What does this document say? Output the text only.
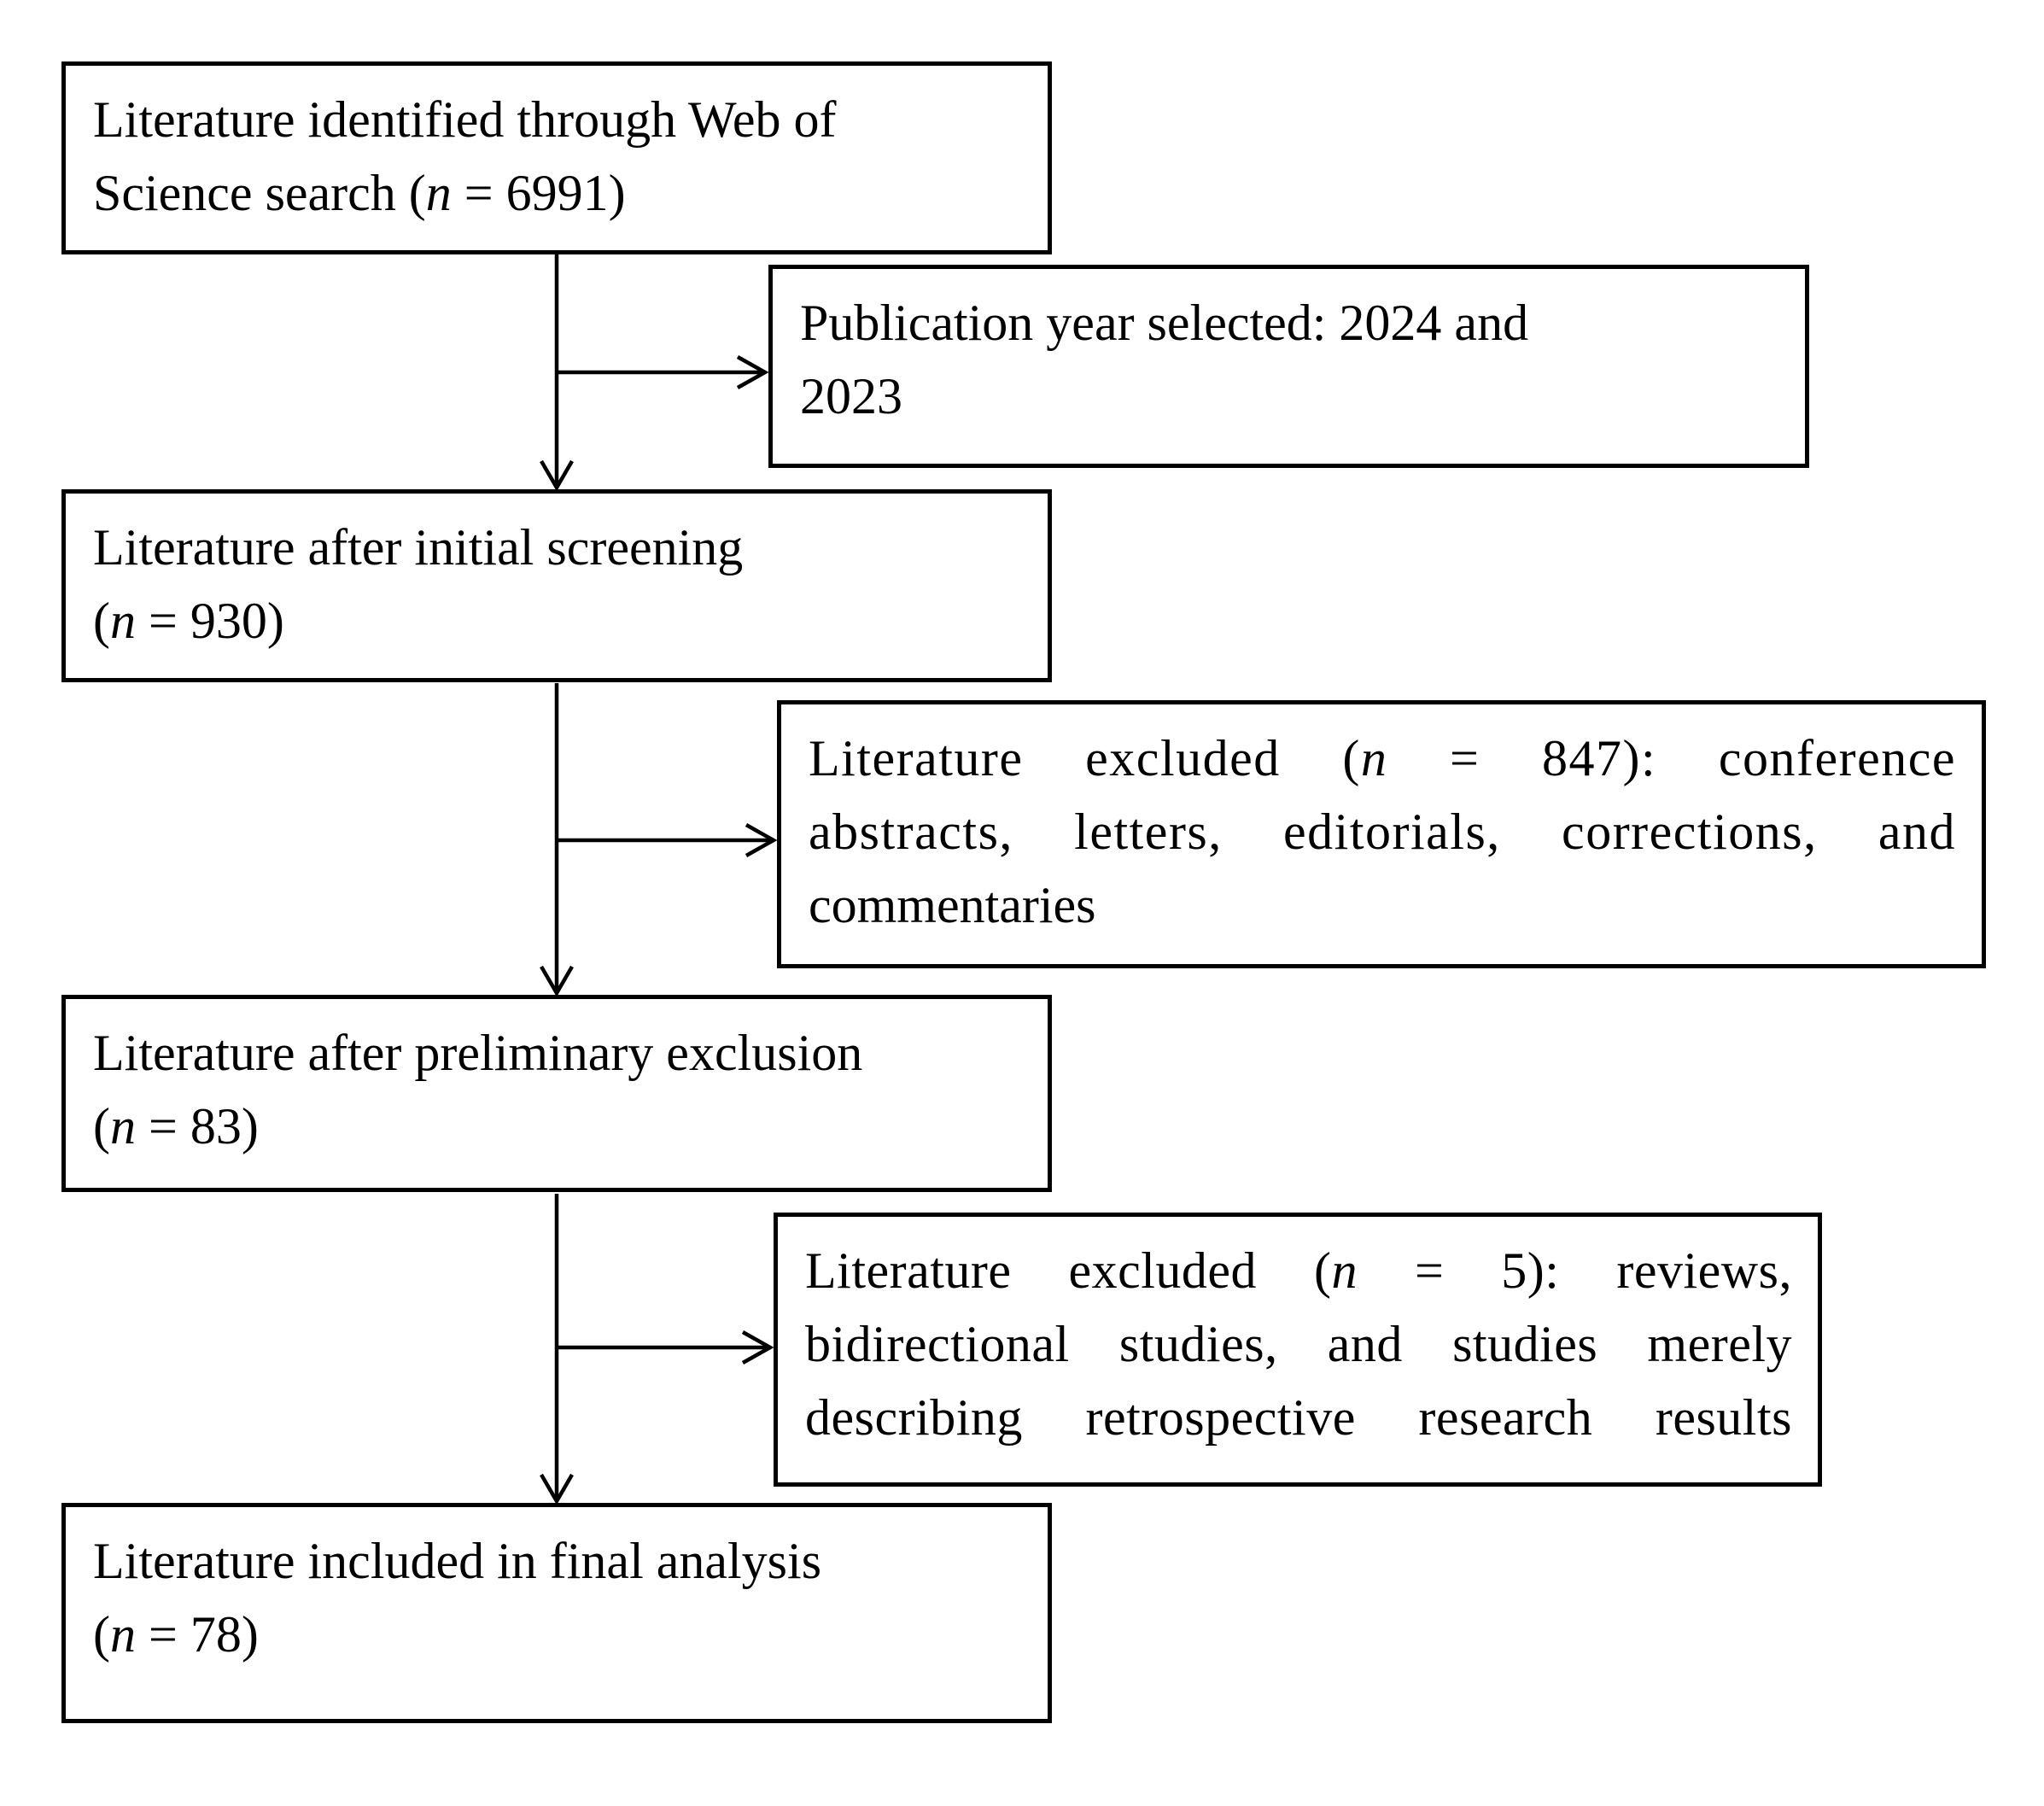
Literature identified through Web of
Science search (n = 6991)
Publication year selected: 2024 and
2023
Literature after initial screening
(n = 930)
Literature excluded (n = 847): conference
abstracts, letters, editorials, corrections, and
commentaries
Literature after preliminary exclusion
(n = 83)
Literature excluded (n = 5): reviews,
bidirectional studies, and studies merely
describing retrospective research results
Literature included in final analysis
(n = 78)
